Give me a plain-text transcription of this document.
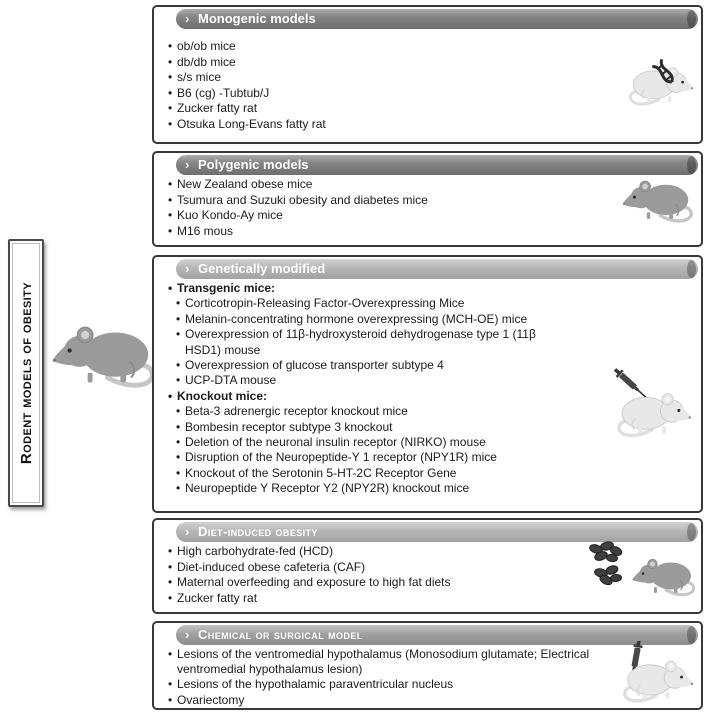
Rodent models of obesity
› Monogenic models
• ob/ob mice
• db/db mice
• s/s mice
• B6 (cg) -Tubtub/J
• Zucker fatty rat
• Otsuka Long-Evans fatty rat
› Polygenic models
• New Zealand obese mice
• Tsumura and Suzuki obesity and diabetes mice
• Kuo Kondo-Ay mice
• M16 mous
› Genetically modified
• Transgenic mice:
• Corticotropin-Releasing Factor-Overexpressing Mice
• Melanin-concentrating hormone overexpressing (MCH-OE) mice
• Overexpression of 11β-hydroxysteroid dehydrogenase type 1 (11β HSD1) mouse
• Overexpression of glucose transporter subtype 4
• UCP-DTA mouse
• Knockout mice:
• Beta-3 adrenergic receptor knockout mice
• Bombesin receptor subtype 3 knockout
• Deletion of the neuronal insulin receptor (NIRKO) mouse
• Disruption of the Neuropeptide-Y 1 receptor (NPY1R) mice
• Knockout of the Serotonin 5-HT-2C Receptor Gene
• Neuropeptide Y Receptor Y2 (NPY2R) knockout mice
› Diet-induced obesity
• High carbohydrate-fed (HCD)
• Diet-induced obese cafeteria (CAF)
• Maternal overfeeding and exposure to high fat diets
• Zucker fatty rat
› Chemical or surgical model
• Lesions of the ventromedial hypothalamus (Monosodium glutamate; Electrical ventromedial hypothalamus lesion)
• Lesions of the hypothalamic paraventricular nucleus
• Ovariectomy
